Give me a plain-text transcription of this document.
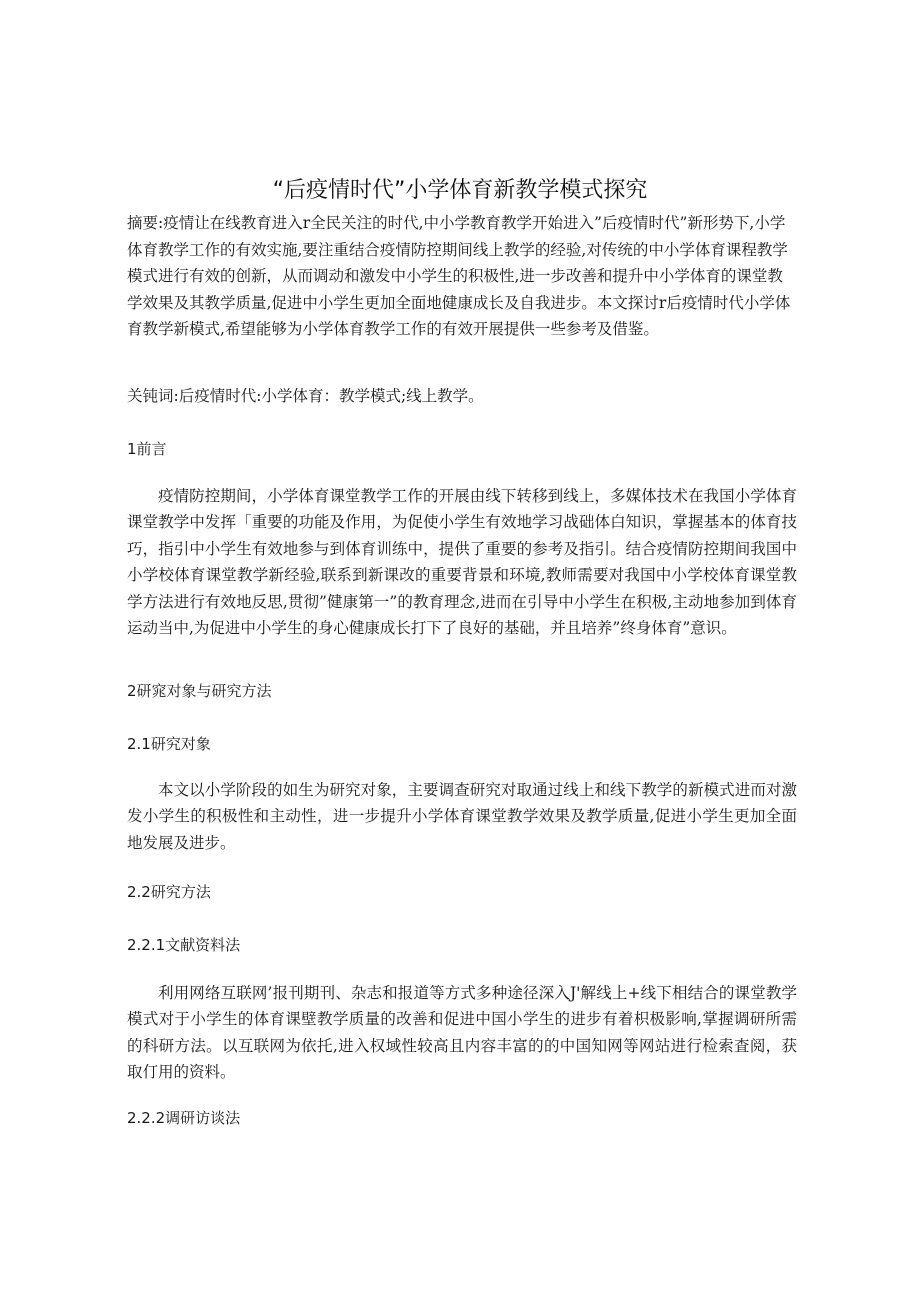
“后疫情时代”小学体育新教学模式探究
摘要:疫情让在线教育进入r全民关注的时代,中小学教育教学开始进入”后疫情时代”新形势下,小学体育教学工作的有效实施,要注重结合疫情防控期间线上教学的经验,对传统的中小学体育课程教学模式进行有效的创新，从而调动和激发中小学生的积极性,进一步改善和提升中小学体育的课堂教学效果及其教学质量,促进中小学生更加全面地健康成长及自我进步。本文探讨r后疫情时代小学体育教学新模式,希望能够为小学体育教学工作的有效开展提供一些参考及借鉴。
关钝词:后疫情时代:小学体育：教学模式;线上教学。
1前言
疫情防控期间，小学体育课堂教学工作的开展由线下转移到线上，多媒体技术在我国小学体育课堂教学中发挥「重要的功能及作用，为促使小学生有效地学习战础体白知识，掌握基本的体育技巧，指引中小学生有效地参与到体育训练中，提供了重要的参考及指引。结合疫情防控期间我国中小学校体育课堂教学新经验,联系到新课改的重要背景和环境,教师需要对我国中小学校体育课堂教学方法进行有效地反思,贯彻”健康第一”的教育理念,进而在引导中小学生在积极,主动地参加到体育运动当中,为促进中小学生的身心健康成长打下了良好的基础，并且培养”终身体育”意识。
2研窕对象与研究方法
2.1研究对象
本文以小学阶段的如生为研究对象，主要调查研究对取通过线上和线下教学的新模式进而对激发小学生的积极性和主动性，进一步提升小学体育课堂教学效果及教学质量,促进小学生更加全面地发展及进步。
2.2研究方法
2.2.1文献资料法
利用网络互联网’报刊期刊、杂志和报道等方式多种途径深入J'解线上+线下相结合的课堂教学模式对于小学生的体育课壁教学质量的改善和促进中国小学生的进步有着枳极影响,掌握调研所需的科研方法。以互联网为依托,进入权域性较高且内容丰富的的中国知网等网站进行检索査阅，获取仃用的资料。
2.2.2调研访谈法
